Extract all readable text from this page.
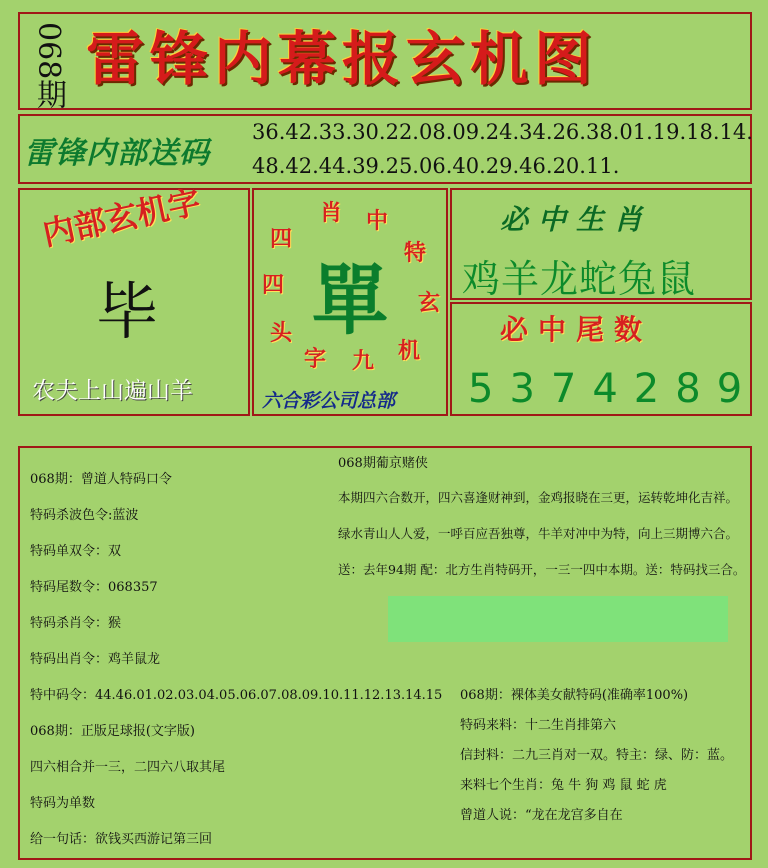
068期 雷锋内幕报玄机图
雷锋内部送码
36.42.33.30.22.08.09.24.34.26.38.01.19.18.14.
48.42.44.39.25.06.40.29.46.20.11.
内部玄机字
毕
农夫上山遍山羊
單
四
肖 中
特
玄
机
九
字
头
四
六合彩公司总部
必中生肖
鸡羊龙蛇兔鼠
必中尾数
5374289
068期：曾道人特码口令
特码杀波色令:蓝波
特码单双令：双
特码尾数令：068357
特码杀肖令：猴
特码出肖令：鸡羊鼠龙
特中码令：44.46.01.02.03.04.05.06.07.08.09.10.11.12.13.14.15
068期：正版足球报(文字版)
四六相合并一三，二四六八取其尾
特码为单数
给一句话：欲钱买西游记第三回
068期葡京赌侠
本期四六合数开，四六喜逢财神到，金鸡报晓在三更，运转乾坤化吉祥。
绿水青山人人爱，一呼百应吾独尊，牛羊对冲中为特，向上三期博六合。
送：去年94期 配：北方生肖特码开，一三一四中本期。送：特码找三合。
068期：裸体美女献特码(准确率100%)
特码来料：十二生肖排第六
信封料：二九三肖对一双。特主：绿、防：蓝。
来料七个生肖：兔 牛 狗 鸡 鼠 蛇 虎
曾道人说：“龙在龙宫多自在
